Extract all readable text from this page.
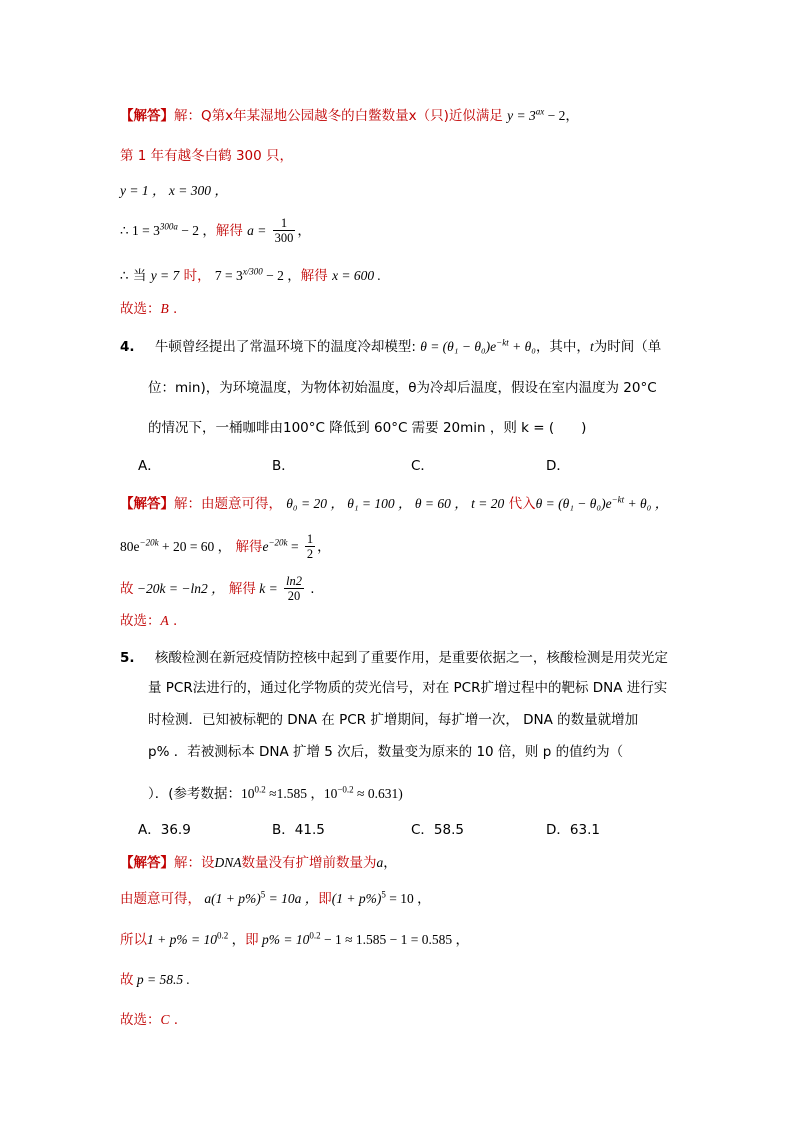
【解答】解：Q第x年某湿地公园越冬的白鳖数量x（只)近似满足 $y = 3^{ax} - 2$，
第 1 年有越冬白鹤 300 只，
y = 1 ， x = 300 ，
∴ $1 = 3^{300a} - 2$ ，解得 $a = \frac{1}{300}$ ，
∴ 当 y = 7 时， $7 = 3^{x/300} - 2$ ，解得 x = 600 .
故选：B .
4. 牛顿曾经提出了常温环境下的温度冷却模型: $\theta = (\theta_1 - \theta_0)e^{-kt} + \theta_0$，其中，t为时间（单
位：min)，为环境温度，为物体初始温度，θ为冷却后温度，假设在室内温度为 20°C
的情况下，一桶咖啡由100°C 降低到 60°C 需要 20min ，则 k = (　　)
A．	B．	C．	D．
【解答】解：由题意可得， θ₀ = 20 ， θ₁ = 100 ， θ = 60 ， t = 20 代入$\theta = (\theta_1 - \theta_0)e^{-kt} + \theta_0$ ，
$80e^{-20k} + 20 = 60$ ， 解得$e^{-20k} = \frac{1}{2}$ ，
故 −20k = −ln2 ， 解得 $k = \frac{\ln 2}{20}$ .
故选：A .
5. 核酸检测在新冠疫情防控核中起到了重要作用，是重要依据之一，核酸检测是用荧光定
量 PCR法进行的，通过化学物质的荧光信号，对在 PCR扩增过程中的靶标 DNA 进行实
时检测．已知被标靶的 DNA 在 PCR 扩增期间，每扩增一次， DNA 的数量就增加
p% ．若被测标本 DNA 扩增 5 次后，数量变为原来的 10 倍，则 p 的值约为（
）．(参考数据：$10^{0.2} \approx 1.585$ ，$10^{-0.2} \approx 0.631$)
A．36.9	B．41.5	C．58.5	D．63.1
【解答】解：设DNA数量没有扩增前数量为a，
由题意可得， $a(1 + p\%)^5 = 10a$ ，即$(1 + p\%)^5 = 10$ ，
所以$1 + p\% = 10^{0.2}$ ，即 $p\% = 10^{0.2} - 1 \approx 1.585 - 1 = 0.585$ ，
故 p = 58.5 .
故选：C .
